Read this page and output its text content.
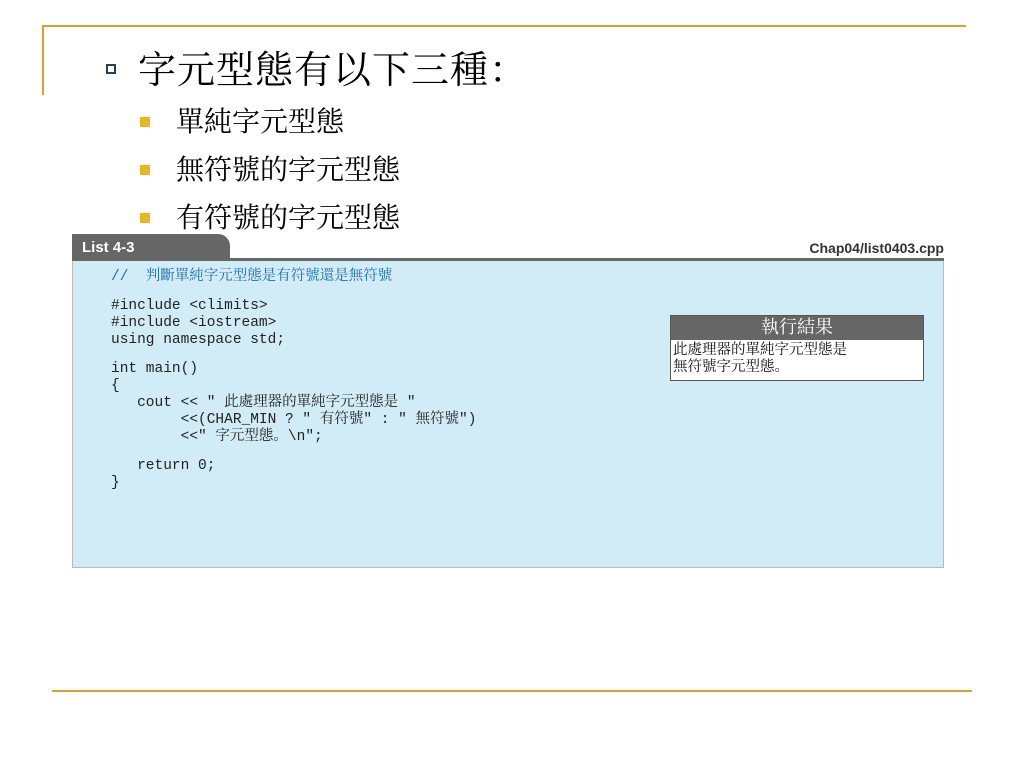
字元型態有以下三種：
單純字元型態
無符號的字元型態
有符號的字元型態
List 4-3	Chap04/list0403.cpp
//  判斷單純字元型態是有符號還是無符號
#include <climits>
#include <iostream>
using namespace std;
int main()
{
cout << " 此處理器的單純字元型態是 "
<<(CHAR_MIN ? " 有符號" : " 無符號")
<<" 字元型態。\n";
return 0;
}
執行結果
此處理器的單純字元型態是
無符號字元型態。
